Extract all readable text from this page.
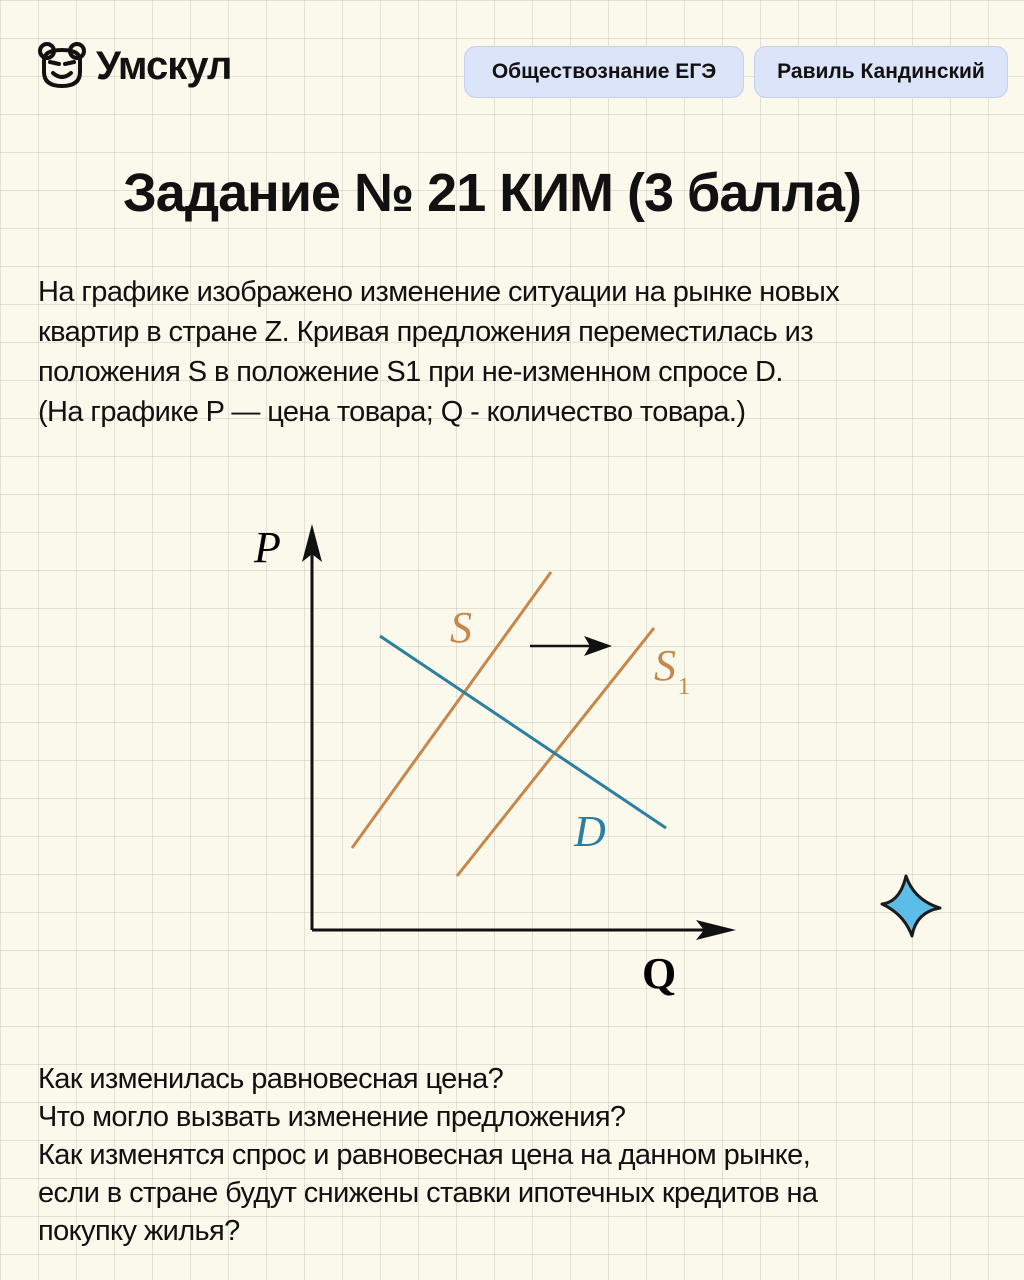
Умскул	Обществознание ЕГЭ	Равиль Кандинский
Задание № 21 КИМ (3 балла)
На графике изображено изменение ситуации на рынке новых
квартир в стране Z. Кривая предложения переместилась из
положения S в положение S1 при не-изменном спросе D.
(На графике P — цена товара; Q - количество товара.)
P
Q
S
$S_1$
D
Как изменилась равновесная цена?
Что могло вызвать изменение предложения?
Как изменятся спрос и равновесная цена на данном рынке,
если в стране будут снижены ставки ипотечных кредитов на
покупку жилья?
